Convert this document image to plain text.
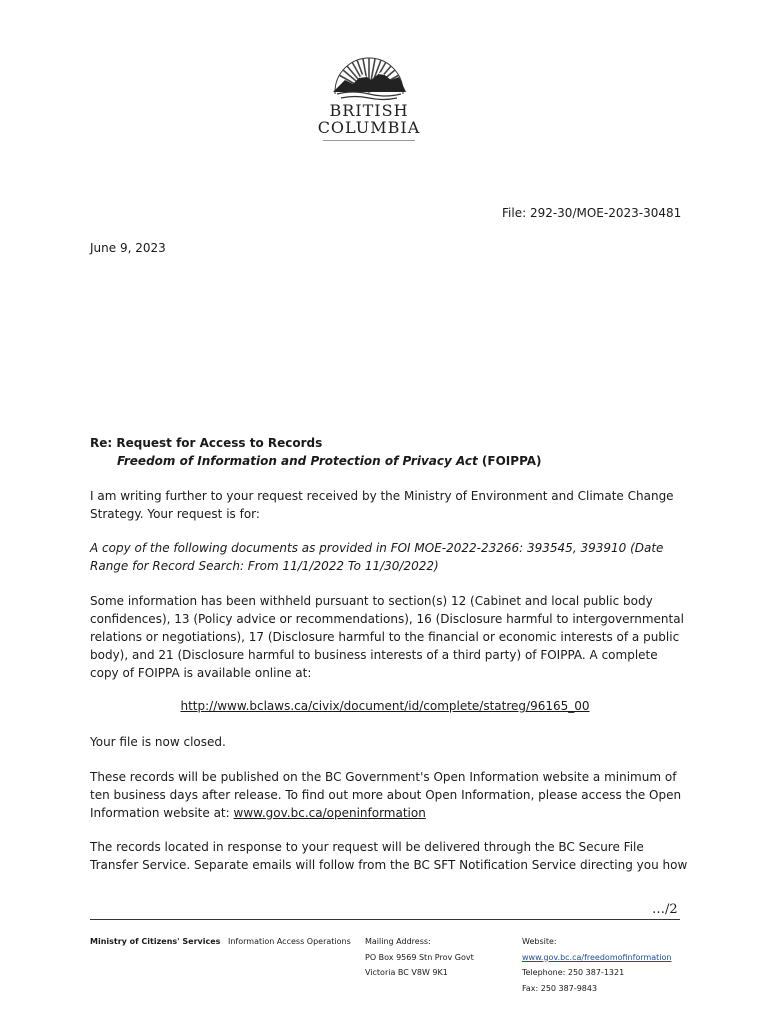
BRITISH
COLUMBIA
File: 292-30/MOE-2023-30481
June 9, 2023
Re: Request for Access to Records
Freedom of Information and Protection of Privacy Act (FOIPPA)

I am writing further to your request received by the Ministry of Environment and Climate Change Strategy. Your request is for:

A copy of the following documents as provided in FOI MOE-2022-23266: 393545, 393910 (Date Range for Record Search: From 11/1/2022 To 11/30/2022)

Some information has been withheld pursuant to section(s) 12 (Cabinet and local public body confidences), 13 (Policy advice or recommendations), 16 (Disclosure harmful to intergovernmental relations or negotiations), 17 (Disclosure harmful to the financial or economic interests of a public body), and 21 (Disclosure harmful to business interests of a third party) of FOIPPA. A complete copy of FOIPPA is available online at:

http://www.bclaws.ca/civix/document/id/complete/statreg/96165_00

Your file is now closed.

These records will be published on the BC Government's Open Information website a minimum of ten business days after release. To find out more about Open Information, please access the Open Information website at: www.gov.bc.ca/openinformation

The records located in response to your request will be delivered through the BC Secure File Transfer Service. Separate emails will follow from the BC SFT Notification Service directing you how

…/2
Ministry of Citizens' Services Information Access Operations Mailing Address:
PO Box 9569 Stn Prov Govt
Victoria BC V8W 9K1
Website:
www.gov.bc.ca/freedomofinformation
Telephone: 250 387-1321
Fax: 250 387-9843
